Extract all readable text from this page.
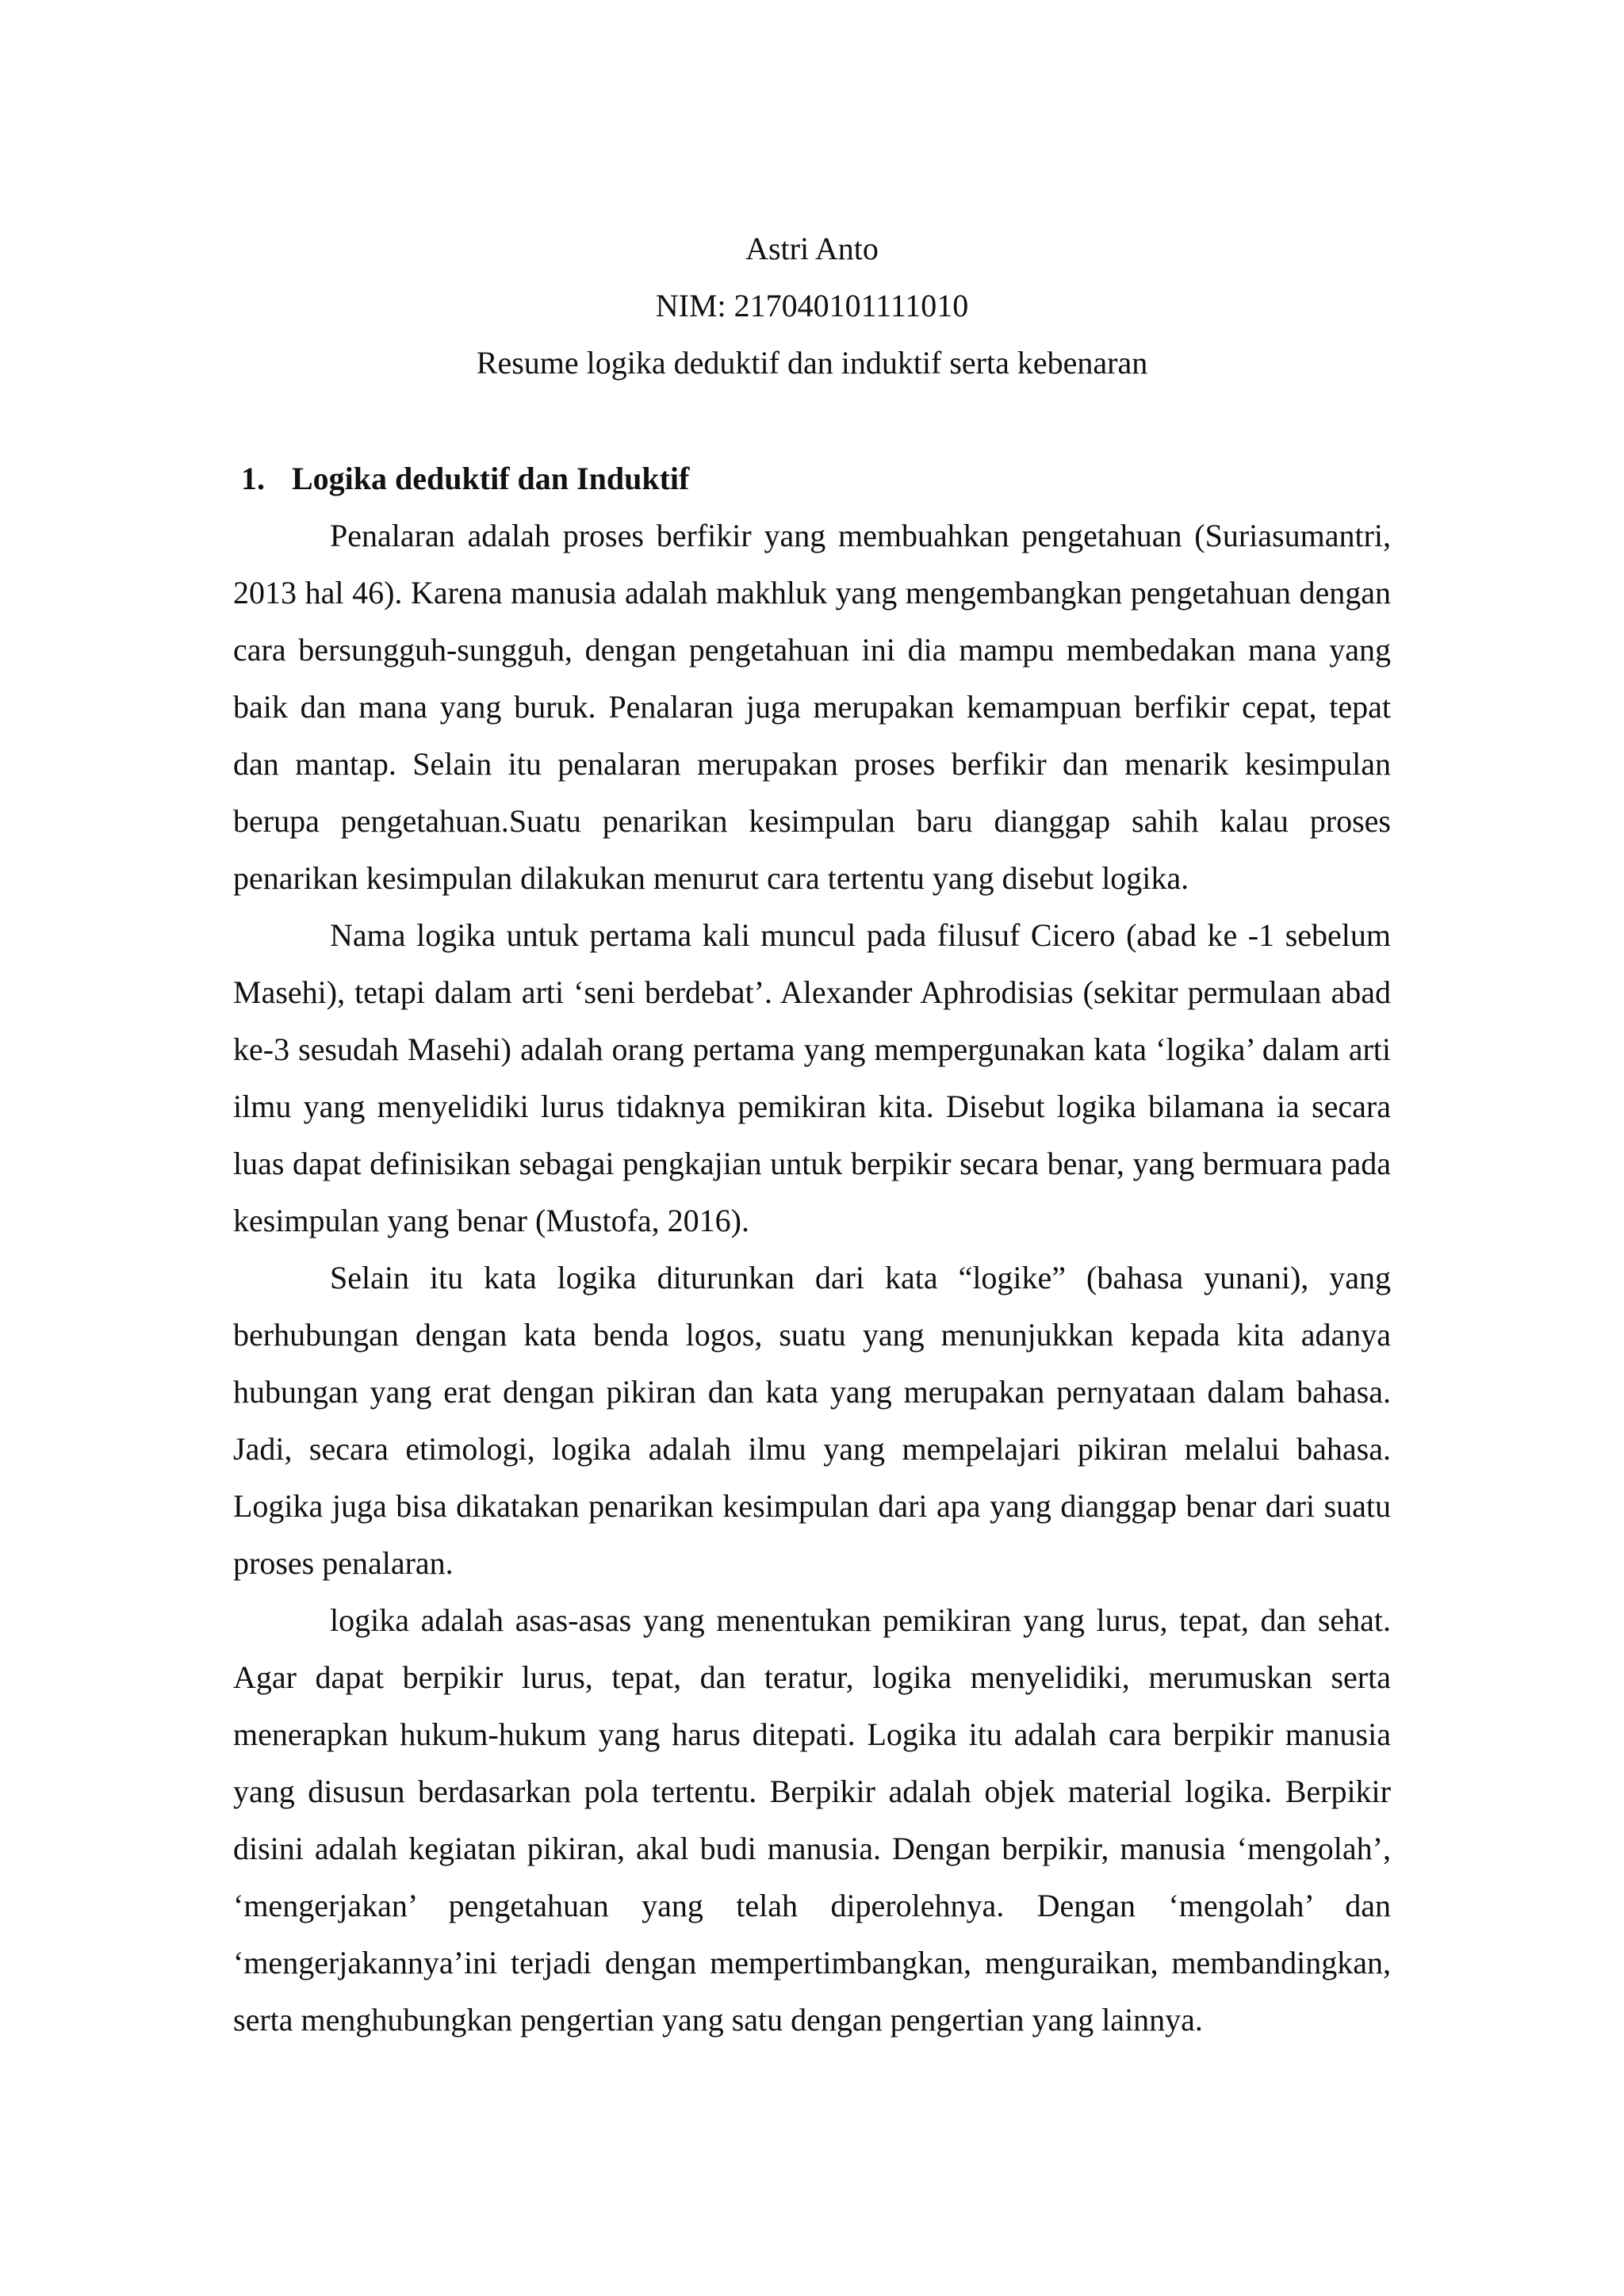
Astri Anto
NIM: 217040101111010
Resume logika deduktif dan induktif serta kebenaran
1. Logika deduktif dan Induktif

Penalaran adalah proses berfikir yang membuahkan pengetahuan (Suriasumantri, 2013 hal 46). Karena manusia adalah makhluk yang mengembangkan pengetahuan dengan cara bersungguh-sungguh, dengan pengetahuan ini dia mampu membedakan mana yang baik dan mana yang buruk. Penalaran juga merupakan kemampuan berfikir cepat, tepat dan mantap. Selain itu penalaran merupakan proses berfikir dan menarik kesimpulan berupa pengetahuan.Suatu penarikan kesimpulan baru dianggap sahih kalau proses penarikan kesimpulan dilakukan menurut cara tertentu yang disebut logika.

Nama logika untuk pertama kali muncul pada filusuf Cicero (abad ke -1 sebelum Masehi), tetapi dalam arti ‘seni berdebat’. Alexander Aphrodisias (sekitar permulaan abad ke-3 sesudah Masehi) adalah orang pertama yang mempergunakan kata ‘logika’ dalam arti ilmu yang menyelidiki lurus tidaknya pemikiran kita. Disebut logika bilamana ia secara luas dapat definisikan sebagai pengkajian untuk berpikir secara benar, yang bermuara pada kesimpulan yang benar (Mustofa, 2016).

Selain itu kata logika diturunkan dari kata “logike” (bahasa yunani), yang berhubungan dengan kata benda logos, suatu yang menunjukkan kepada kita adanya hubungan yang erat dengan pikiran dan kata yang merupakan pernyataan dalam bahasa. Jadi, secara etimologi, logika adalah ilmu yang mempelajari pikiran melalui bahasa. Logika juga bisa dikatakan penarikan kesimpulan dari apa yang dianggap benar dari suatu proses penalaran.

logika adalah asas-asas yang menentukan pemikiran yang lurus, tepat, dan sehat. Agar dapat berpikir lurus, tepat, dan teratur, logika menyelidiki, merumuskan serta menerapkan hukum-hukum yang harus ditepati. Logika itu adalah cara berpikir manusia yang disusun berdasarkan pola tertentu. Berpikir adalah objek material logika. Berpikir disini adalah kegiatan pikiran, akal budi manusia. Dengan berpikir, manusia ‘mengolah’, ‘mengerjakan’ pengetahuan yang telah diperolehnya. Dengan ‘mengolah’ dan ‘mengerjakannya’ini terjadi dengan mempertimbangkan, menguraikan, membandingkan, serta menghubungkan pengertian yang satu dengan pengertian yang lainnya.
